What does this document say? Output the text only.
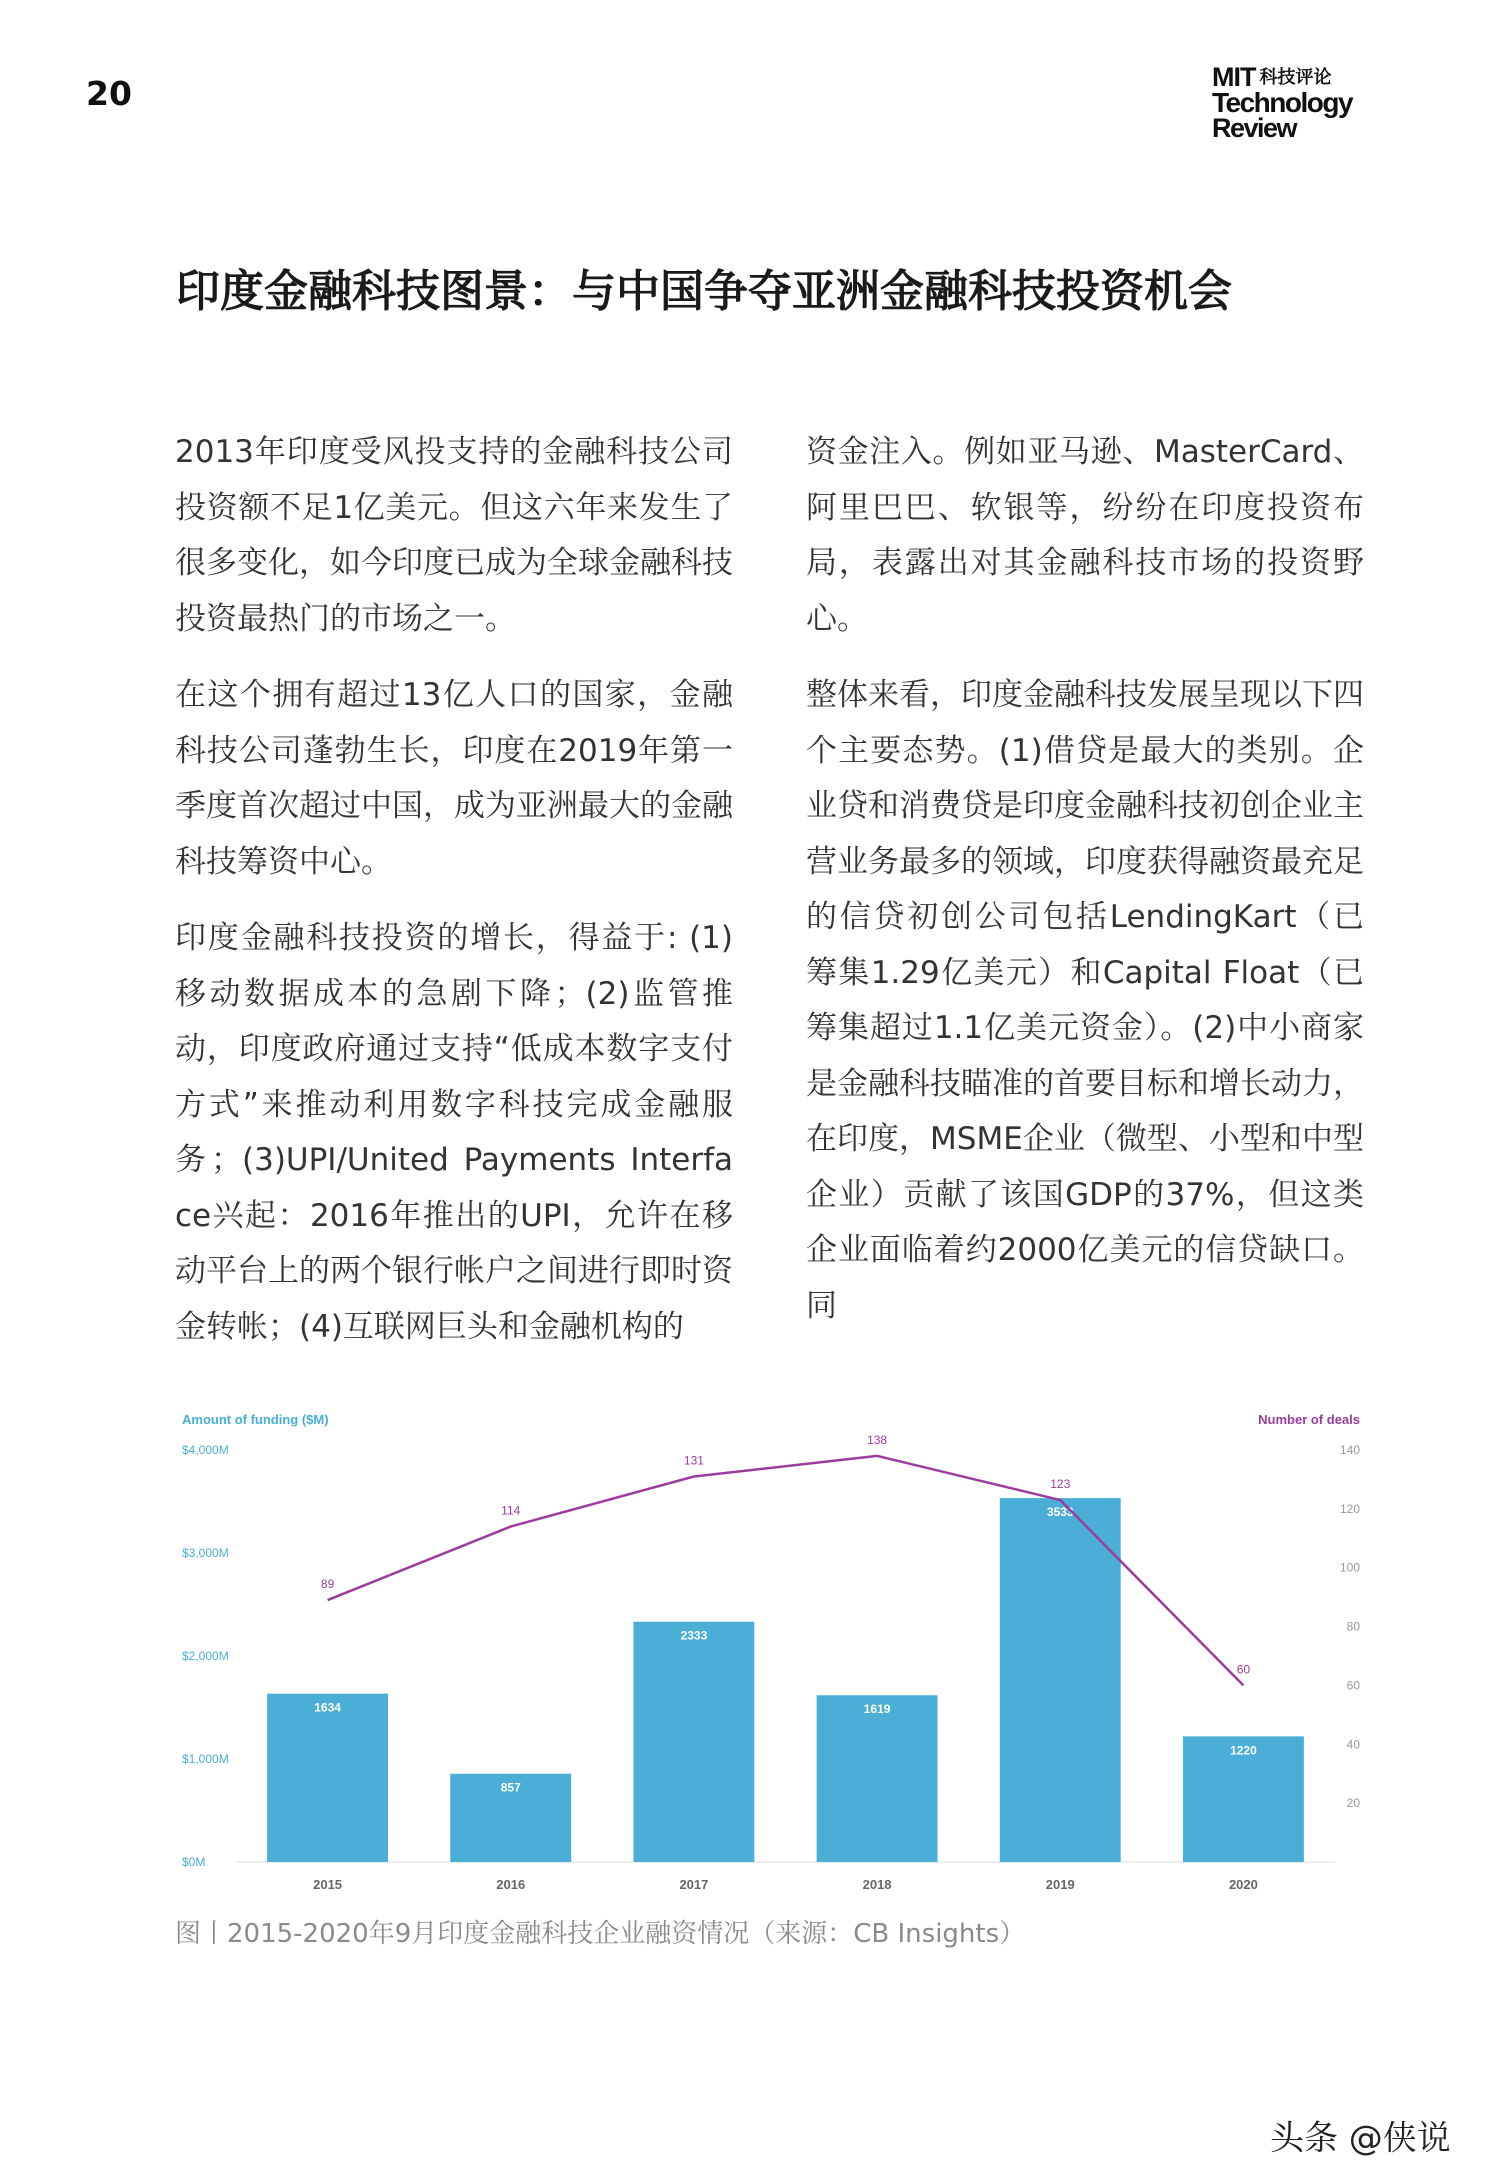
20	MIT 科技评论
Technology
Review
印度金融科技图景：与中国争夺亚洲金融科技投资机会

2013年印度受风投支持的金融科技公司投资额不足1亿美元。但这六年来发生了很多变化，如今印度已成为全球金融科技投资最热门的市场之一。

在这个拥有超过13亿人口的国家，金融科技公司蓬勃生长，印度在2019年第一季度首次超过中国，成为亚洲最大的金融科技筹资中心。

印度金融科技投资的增长，得益于: (1)移动数据成本的急剧下降；(2)监管推动，印度政府通过支持“低成本数字支付方式”来推动利用数字科技完成金融服务；(3)UPI/United Payments Interface兴起：2016年推出的UPI，允许在移动平台上的两个银行帐户之间进行即时资金转帐；(4)互联网巨头和金融机构的

资金注入。例如亚马逊、MasterCard、阿里巴巴、软银等，纷纷在印度投资布局，表露出对其金融科技市场的投资野心。

整体来看，印度金融科技发展呈现以下四个主要态势。(1)借贷是最大的类别。企业贷和消费贷是印度金融科技初创企业主营业务最多的领域，印度获得融资最充足的信贷初创公司包括LendingKart（已筹集1.29亿美元）和Capital Float（已筹集超过1.1亿美元资金）。(2)中小商家是金融科技瞄准的首要目标和增长动力，在印度，MSME企业（微型、小型和中型企业）贡献了该国GDP的37%，但这类企业面临着约2000亿美元的信贷缺口。同

Amount of funding ($M)	Number of deals
$0M
$1,000M
$2,000M
$3,000M
$4,000M
20
40
60
80
100
120
140
1634
2015
857
2016
2333
2017
1619
2018
3533
2019
1220
2020
89
114
131
138
123
60
图丨2015-2020年9月印度金融科技企业融资情况（来源：CB Insights）
头条 @侠说
